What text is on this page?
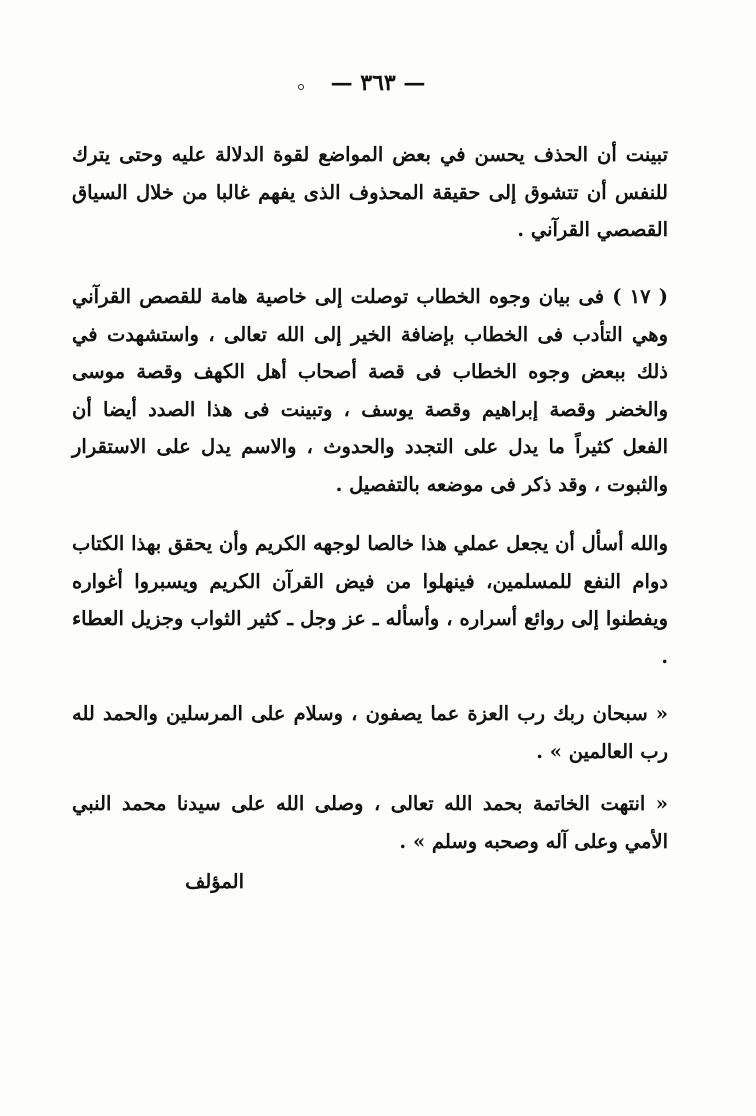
— ٣٦٣ —
تبينت أن الحذف يحسن في بعض المواضع لقوة الدلالة عليه وحتى يترك للنفس أن تتشوق إلى حقيقة المحذوف الذى يفهم غالبا من خلال السياق القصصي القرآني .
( ١٧ ) فى بيان وجوه الخطاب توصلت إلى خاصية هامة للقصص القرآني وهي التأدب فى الخطاب بإضافة الخير إلى الله تعالى ، واستشهدت في ذلك ببعض وجوه الخطاب فى قصة أصحاب أهل الكهف وقصة موسى والخضر وقصة إبراهيم وقصة يوسف ، وتبينت فى هذا الصدد أيضا أن الفعل كثيراً ما يدل على التجدد والحدوث ، والاسم يدل على الاستقرار والثبوت ، وقد ذكر فى موضعه بالتفصيل .
والله أسأل أن يجعل عملي هذا خالصا لوجهه الكريم وأن يحقق بهذا الكتاب دوام النفع للمسلمين، فينهلوا من فيض القرآن الكريم ويسبروا أغواره ويفطنوا إلى روائع أسراره ، وأسأله ـ عز وجل ـ كثير الثواب وجزيل العطاء .
« سبحان ربك رب العزة عما يصفون ، وسلام على المرسلين والحمد لله رب العالمين » .
« انتهت الخاتمة بحمد الله تعالى ، وصلى الله على سيدنا محمد النبي الأمي وعلى آله وصحبه وسلم » .
المؤلف
